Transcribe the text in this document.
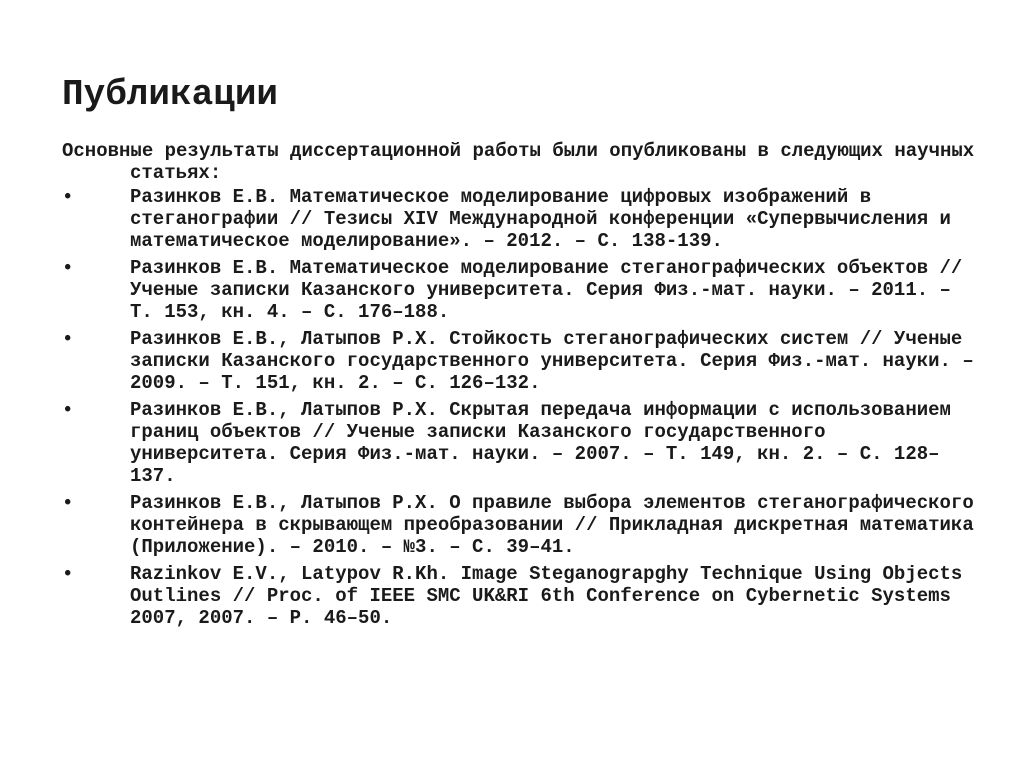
Публикации

Основные результаты диссертационной работы были опубликованы в следующих научных статьях:

•	Разинков Е.В. Математическое моделирование цифровых изображений в стеганографии // Тезисы XIV Международной конференции «Супервычисления и математическое моделирование». – 2012. – С. 138-139.
•	Разинков Е.В. Математическое моделирование стеганографических объектов // Ученые записки Казанского университета. Серия Физ.-мат. науки. – 2011. – Т. 153, кн. 4. – С. 176–188.
•	Разинков Е.В., Латыпов Р.Х. Стойкость стеганографических систем // Ученые записки Казанского государственного университета. Серия Физ.-мат. науки. – 2009. – Т. 151, кн. 2. – С. 126–132.
•	Разинков Е.В., Латыпов Р.Х. Скрытая передача информации с использованием границ объектов // Ученые записки Казанского государственного университета. Серия Физ.-мат. науки. – 2007. – Т. 149, кн. 2. – С. 128–137.
•	Разинков Е.В., Латыпов Р.Х. О правиле выбора элементов стеганографического контейнера в скрывающем преобразовании // Прикладная дискретная математика (Приложение). – 2010. – №3. – С. 39–41.
•	Razinkov E.V., Latypov R.Kh. Image Steganograpghy Technique Using Objects Outlines // Proc. of IEEE SMC UK&RI 6th Conference on Cybernetic Systems 2007, 2007. – P. 46–50.
